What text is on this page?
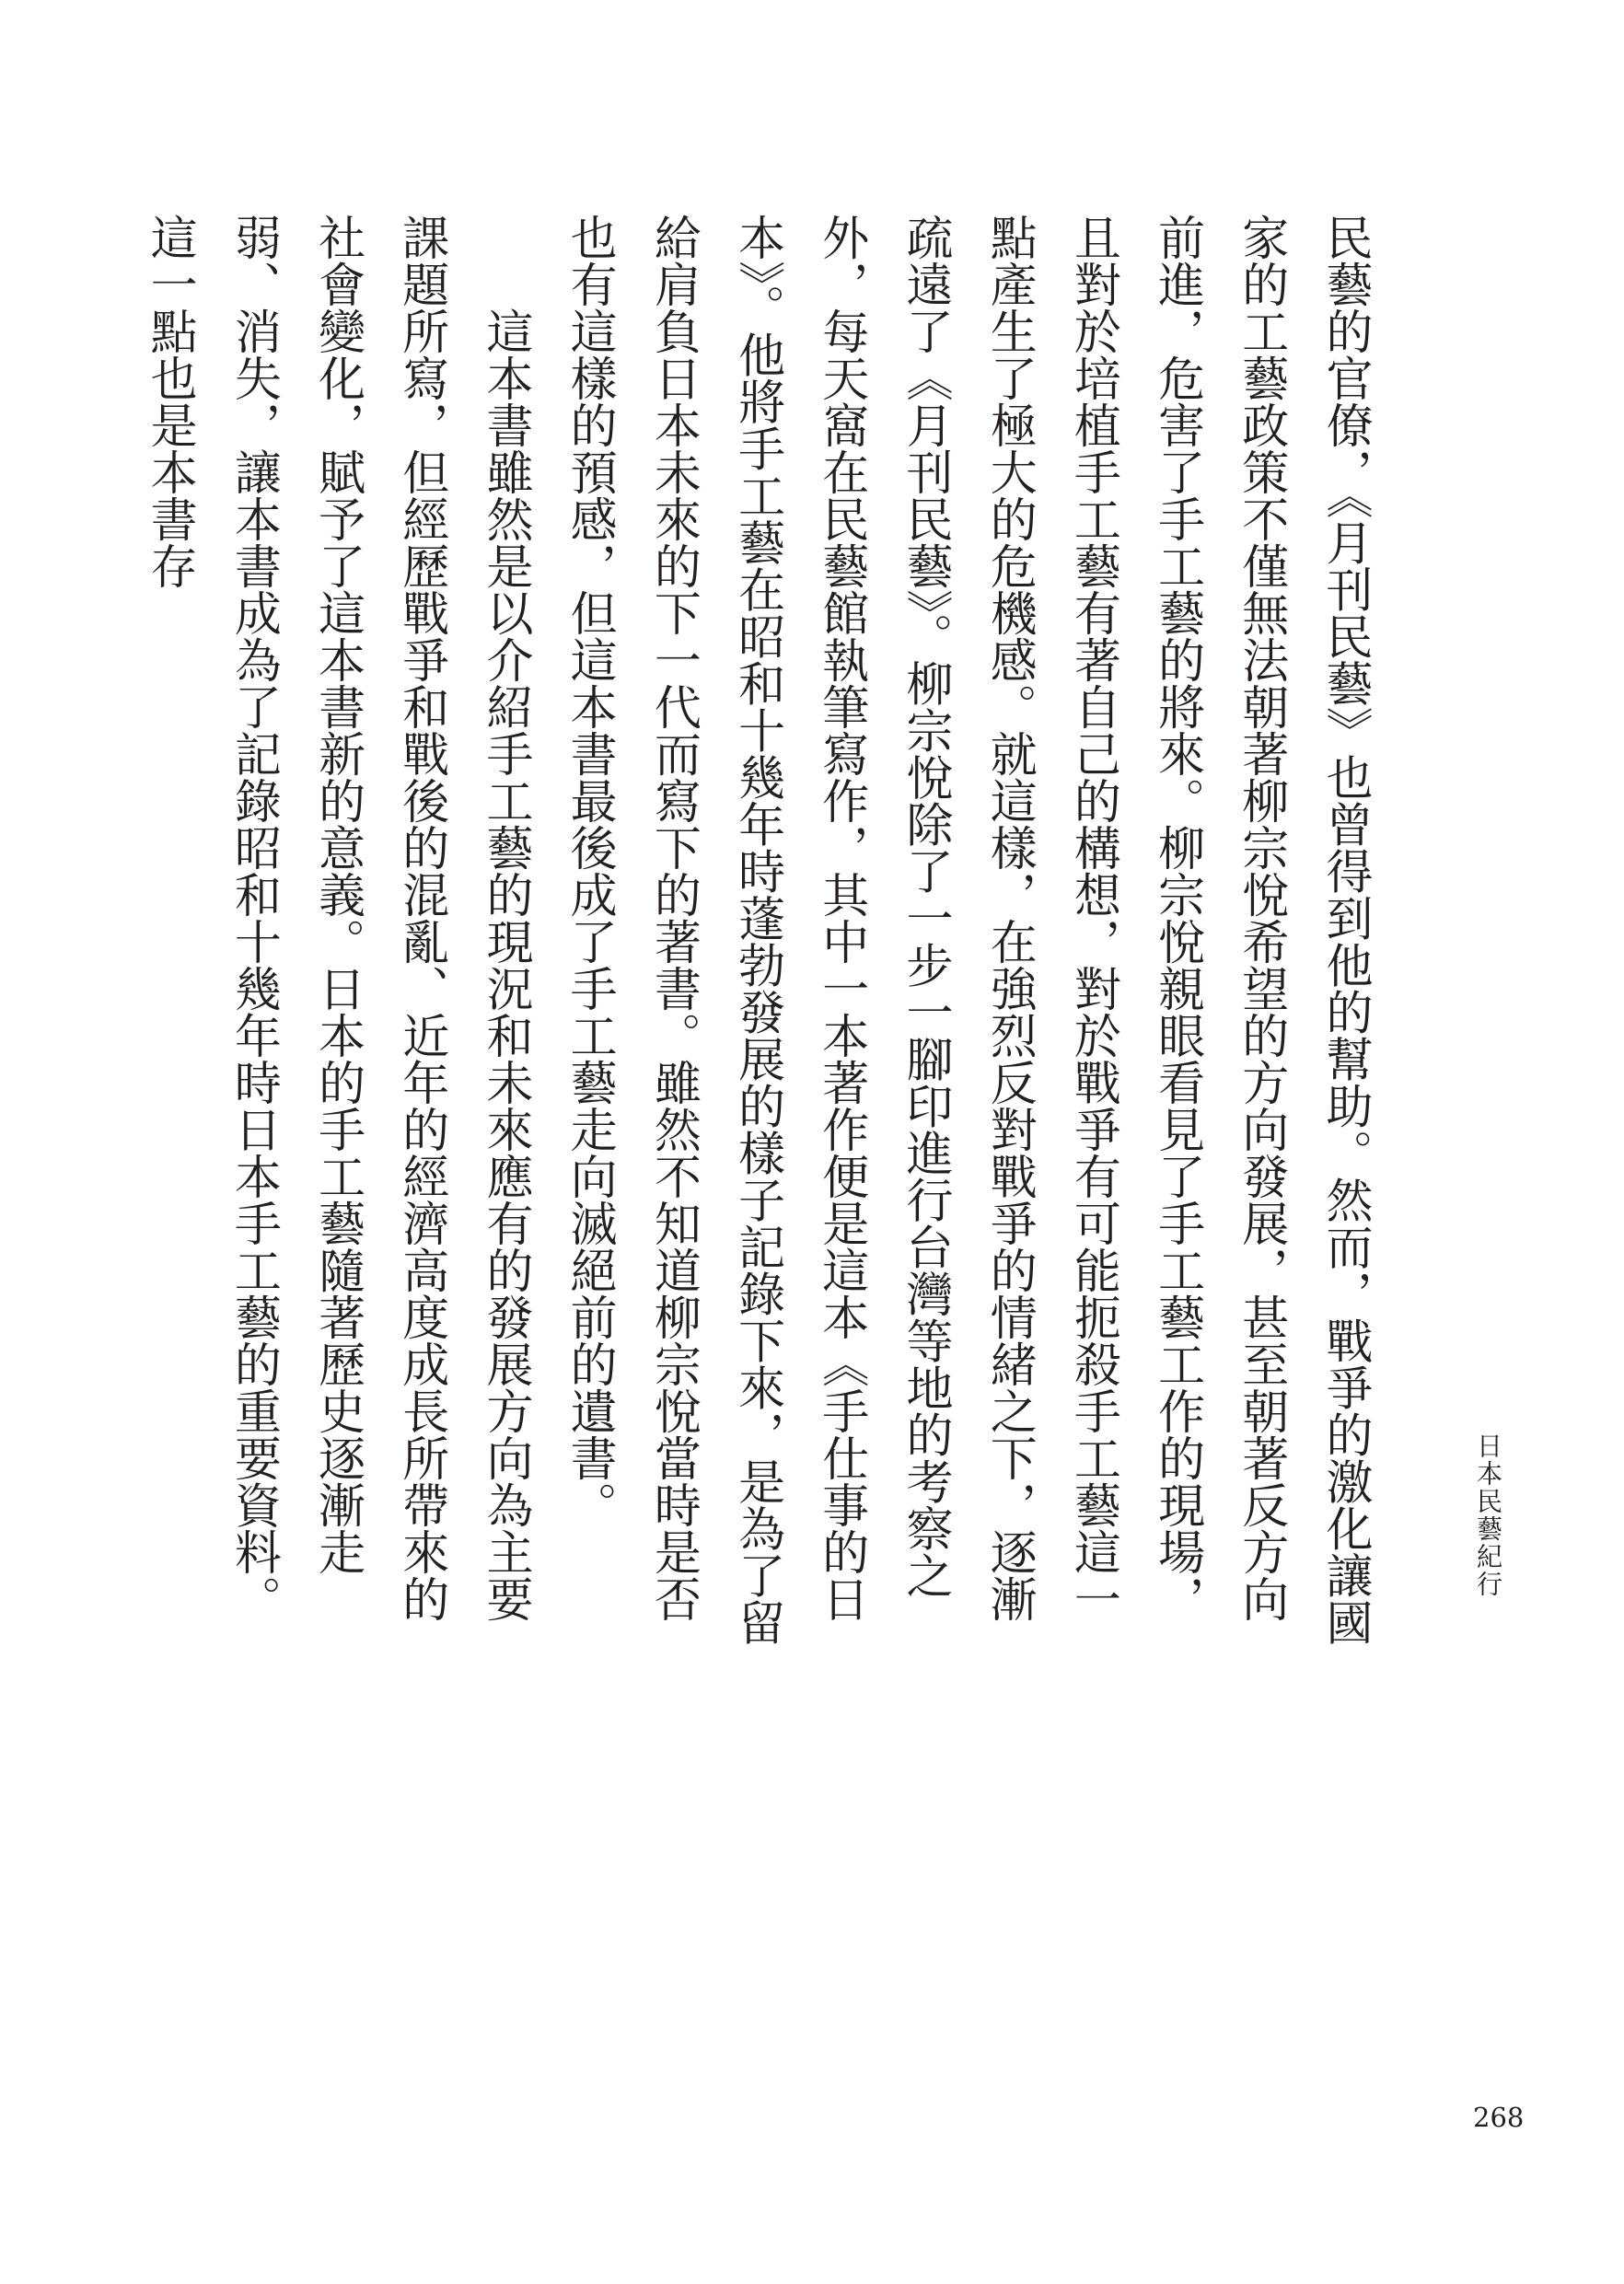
民藝的官僚，《月刊民藝》也曾得到他的幫助。然而，戰爭的激化讓國家的工藝政策不僅無法朝著柳宗悅希望的方向發展，甚至朝著反方向前進，危害了手工藝的將來。柳宗悅親眼看見了手工藝工作的現場，且對於培植手工藝有著自己的構想，對於戰爭有可能扼殺手工藝這一點產生了極大的危機感。就這樣，在強烈反對戰爭的情緒之下，逐漸疏遠了《月刊民藝》。柳宗悅除了一步一腳印進行台灣等地的考察之外，每天窩在民藝館執筆寫作，其中一本著作便是這本《手仕事的日本》。他將手工藝在昭和十幾年時蓬勃發展的樣子記錄下來，是為了留給肩負日本未來的下一代而寫下的著書。雖然不知道柳宗悅當時是否也有這樣的預感，但這本書最後成了手工藝走向滅絕前的遺書。

這本書雖然是以介紹手工藝的現況和未來應有的發展方向為主要課題所寫，但經歷戰爭和戰後的混亂、近年的經濟高度成長所帶來的社會變化，賦予了這本書新的意義。日本的手工藝隨著歷史逐漸走弱、消失，讓本書成為了記錄昭和十幾年時日本手工藝的重要資料。這一點也是本書存

日本民藝紀行
268
